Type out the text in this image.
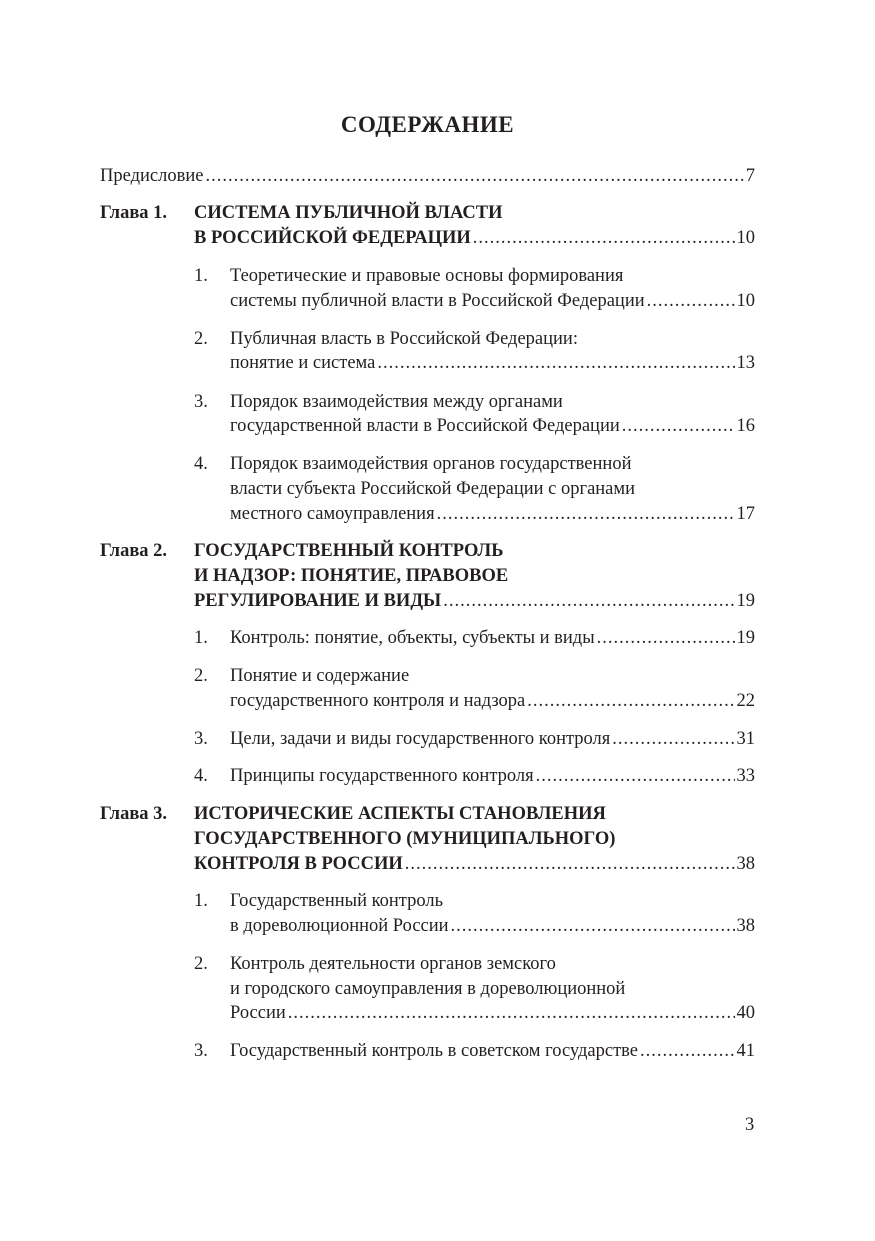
СОДЕРЖАНИЕ
Предисловие .....	7
Глава 1. СИСТЕМА ПУБЛИЧНОЙ ВЛАСТИ
В РОССИЙСКОЙ ФЕДЕРАЦИИ .....	10
1. Теоретические и правовые основы формирования
системы публичной власти в Российской Федерации .....	10
2. Публичная власть в Российской Федерации:
понятие и система .....	13
3. Порядок взаимодействия между органами
государственной власти в Российской Федерации .....	16
4. Порядок взаимодействия органов государственной
власти субъекта Российской Федерации с органами
местного самоуправления .....	17
Глава 2. ГОСУДАРСТВЕННЫЙ КОНТРОЛЬ
И НАДЗОР: ПОНЯТИЕ, ПРАВОВОЕ
РЕГУЛИРОВАНИЕ И ВИДЫ .....	19
1. Контроль: понятие, объекты, субъекты и виды .....	19
2. Понятие и содержание
государственного контроля и надзора .....	22
3. Цели, задачи и виды государственного контроля .....	31
4. Принципы государственного контроля .....	33
Глава 3. ИСТОРИЧЕСКИЕ АСПЕКТЫ СТАНОВЛЕНИЯ
ГОСУДАРСТВЕННОГО (МУНИЦИПАЛЬНОГО)
КОНТРОЛЯ В РОССИИ .....	38
1. Государственный контроль
в дореволюционной России .....	38
2. Контроль деятельности органов земского
и городского самоуправления в дореволюционной
России .....	40
3. Государственный контроль в советском государстве .....	41
3
